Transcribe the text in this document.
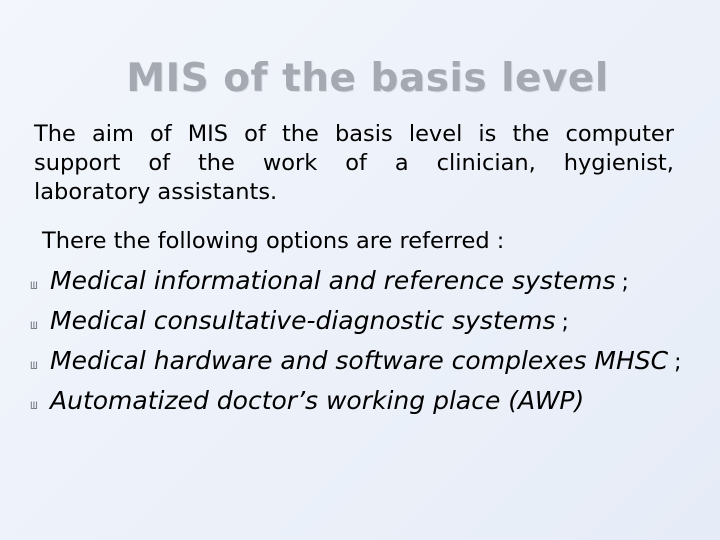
MIS of the basis level
The aim of MIS of the basis level is the computer
support of the work of a clinician, hygienist,
laboratory assistants.
There the following options are referred :
ш Medical informational and reference systems ;
ш Medical consultative-diagnostic systems ;
ш Medical hardware and software complexes MHSC ;
ш Automatized doctor’s working place (AWP)
